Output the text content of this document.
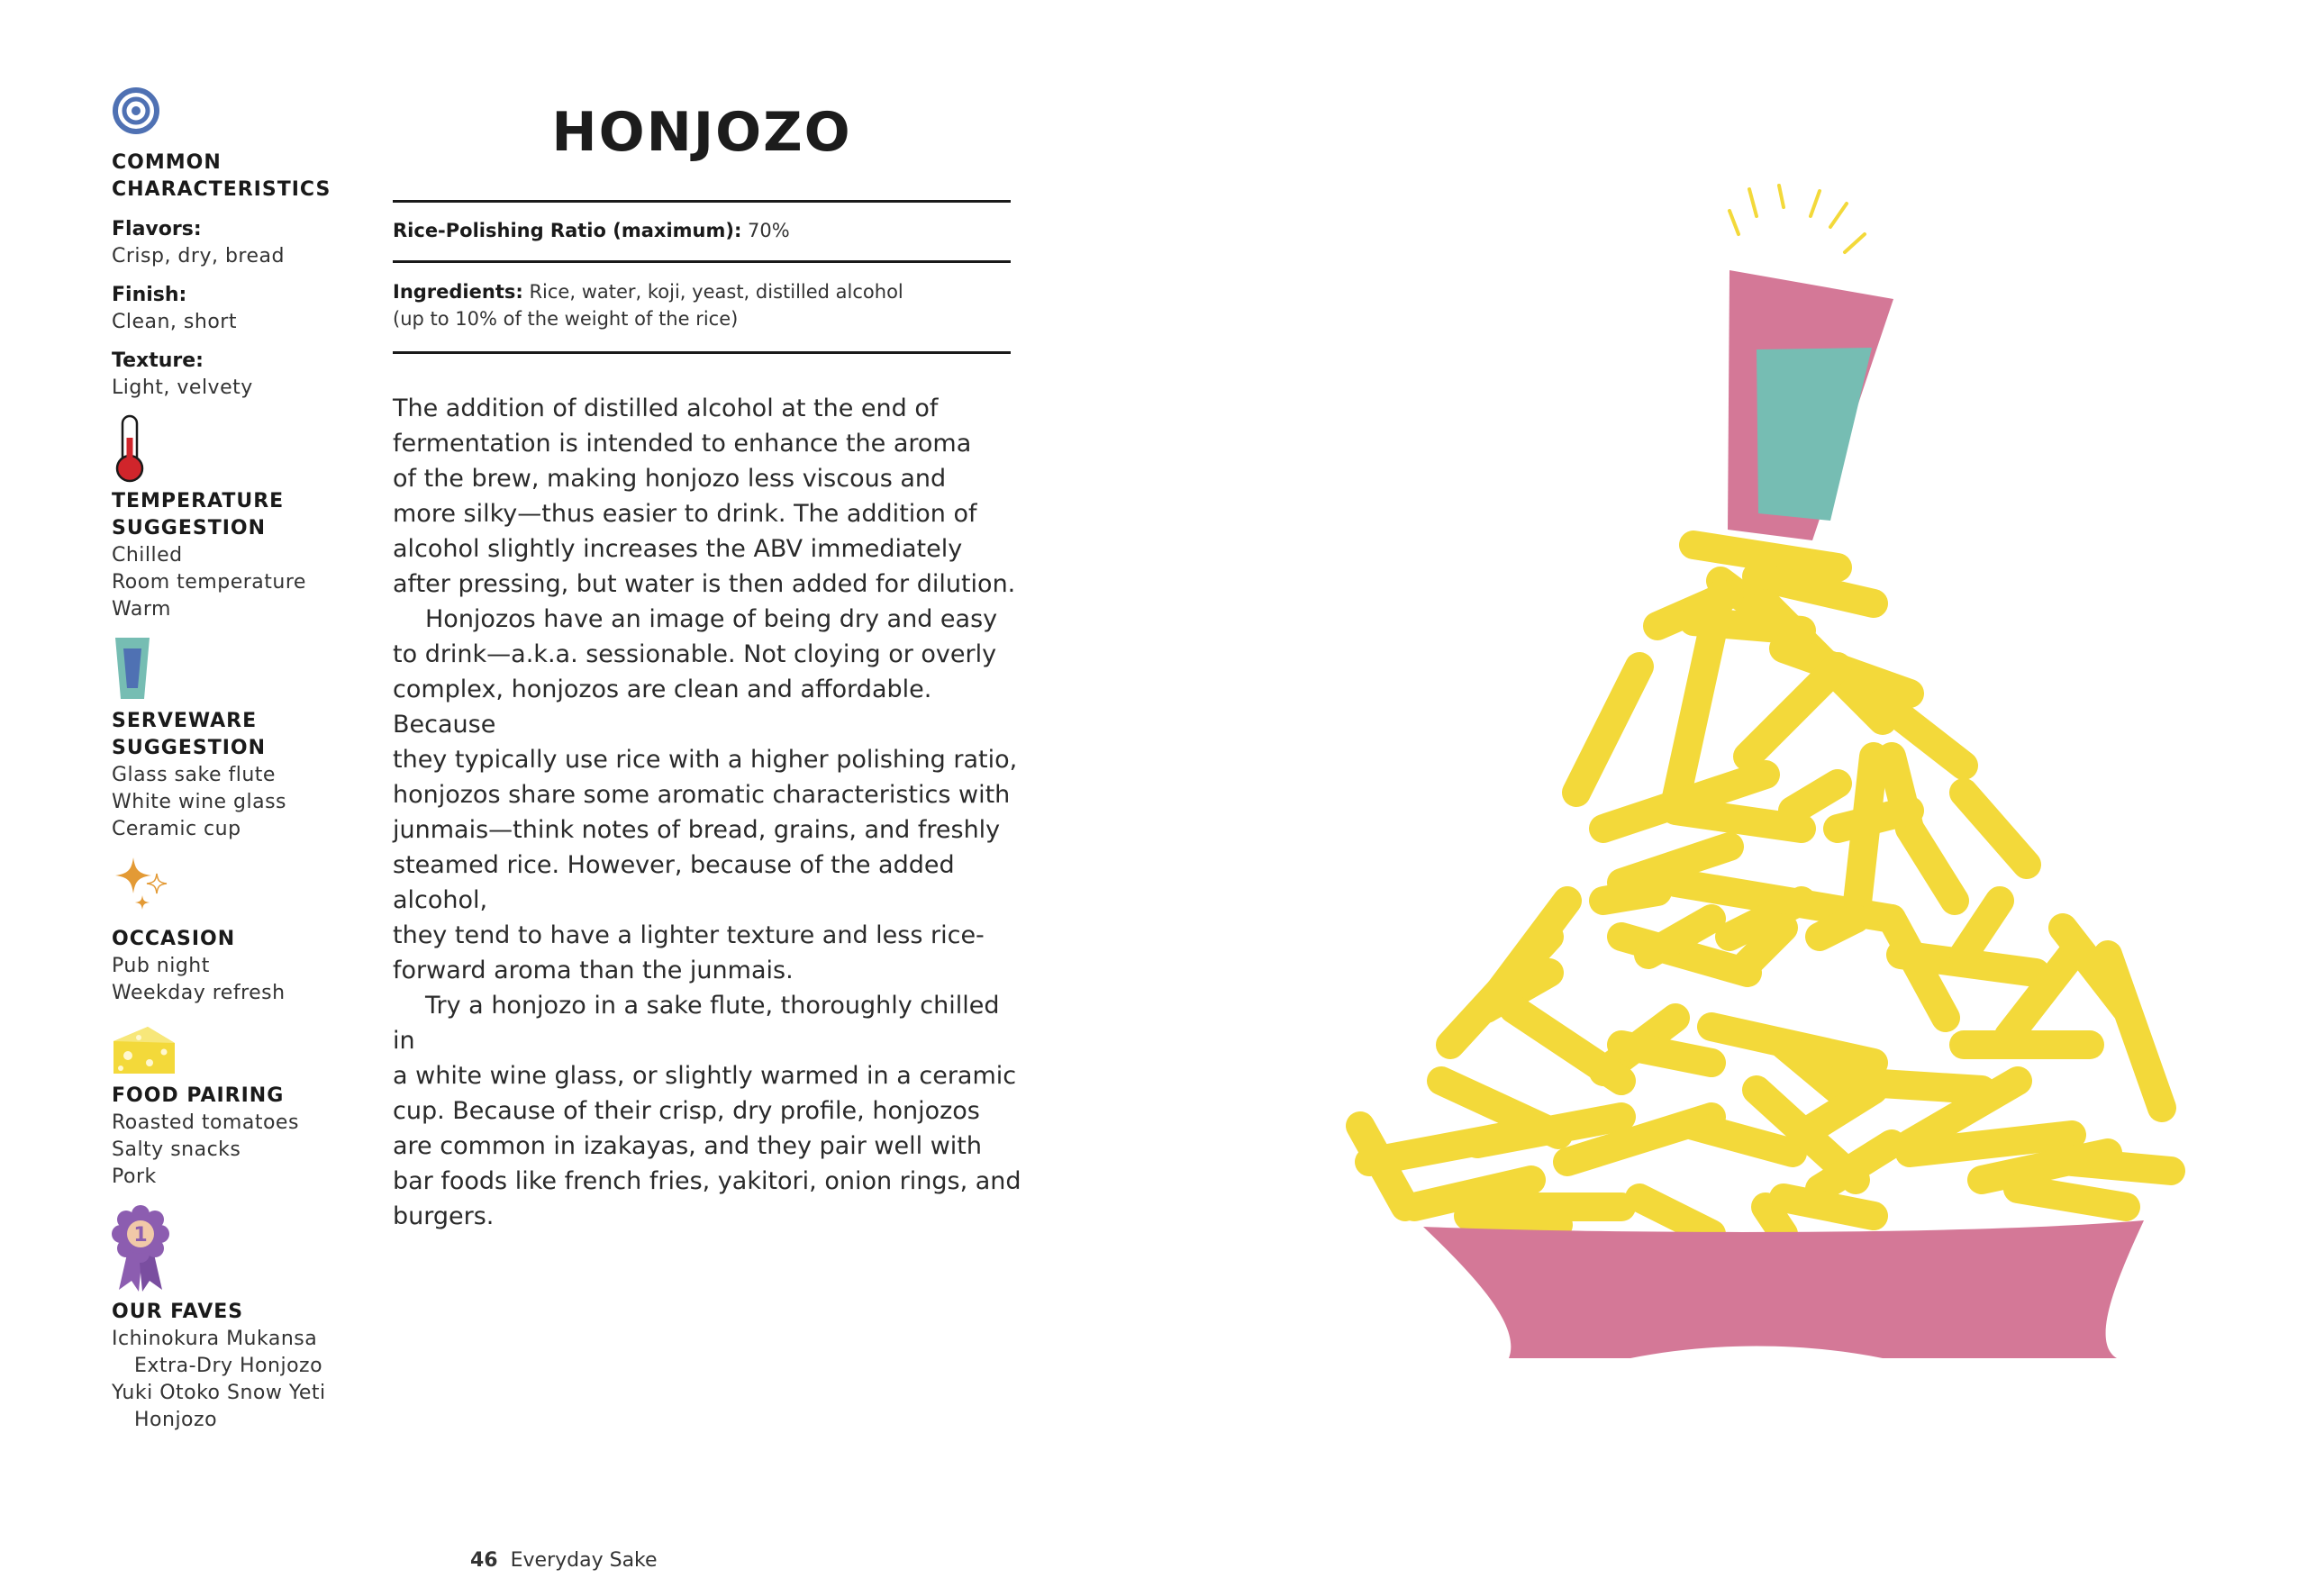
COMMON
CHARACTERISTICS
Flavors:
Crisp, dry, bread
Finish:
Clean, short
Texture:
Light, velvety
TEMPERATURE
SUGGESTION
Chilled
Room temperature
Warm
SERVEWARE
SUGGESTION
Glass sake flute
White wine glass
Ceramic cup
OCCASION
Pub night
Weekday refresh
FOOD PAIRING
Roasted tomatoes
Salty snacks
Pork
1
OUR FAVES
Ichinokura Mukansa
Extra-Dry Honjozo
Yuki Otoko Snow Yeti
Honjozo
HONJOZO
Rice-Polishing Ratio (maximum): 70%
Ingredients: Rice, water, koji, yeast, distilled alcohol
(up to 10% of the weight of the rice)

The addition of distilled alcohol at the end of
fermentation is intended to enhance the aroma
of the brew, making honjozo less viscous and
more silky—thus easier to drink. The addition of
alcohol slightly increases the ABV immediately
after pressing, but water is then added for dilution.

Honjozos have an image of being dry and easy
to drink—a.k.a. sessionable. Not cloying or overly
complex, honjozos are clean and affordable. Because
they typically use rice with a higher polishing ratio,
honjozos share some aromatic characteristics with
junmais—think notes of bread, grains, and freshly
steamed rice. However, because of the added alcohol,
they tend to have a lighter texture and less rice-
forward aroma than the junmais.

Try a honjozo in a sake flute, thoroughly chilled in
a white wine glass, or slightly warmed in a ceramic
cup. Because of their crisp, dry profile, honjozos
are common in izakayas, and they pair well with
bar foods like french fries, yakitori, onion rings, and
burgers.

46 Everyday Sake
